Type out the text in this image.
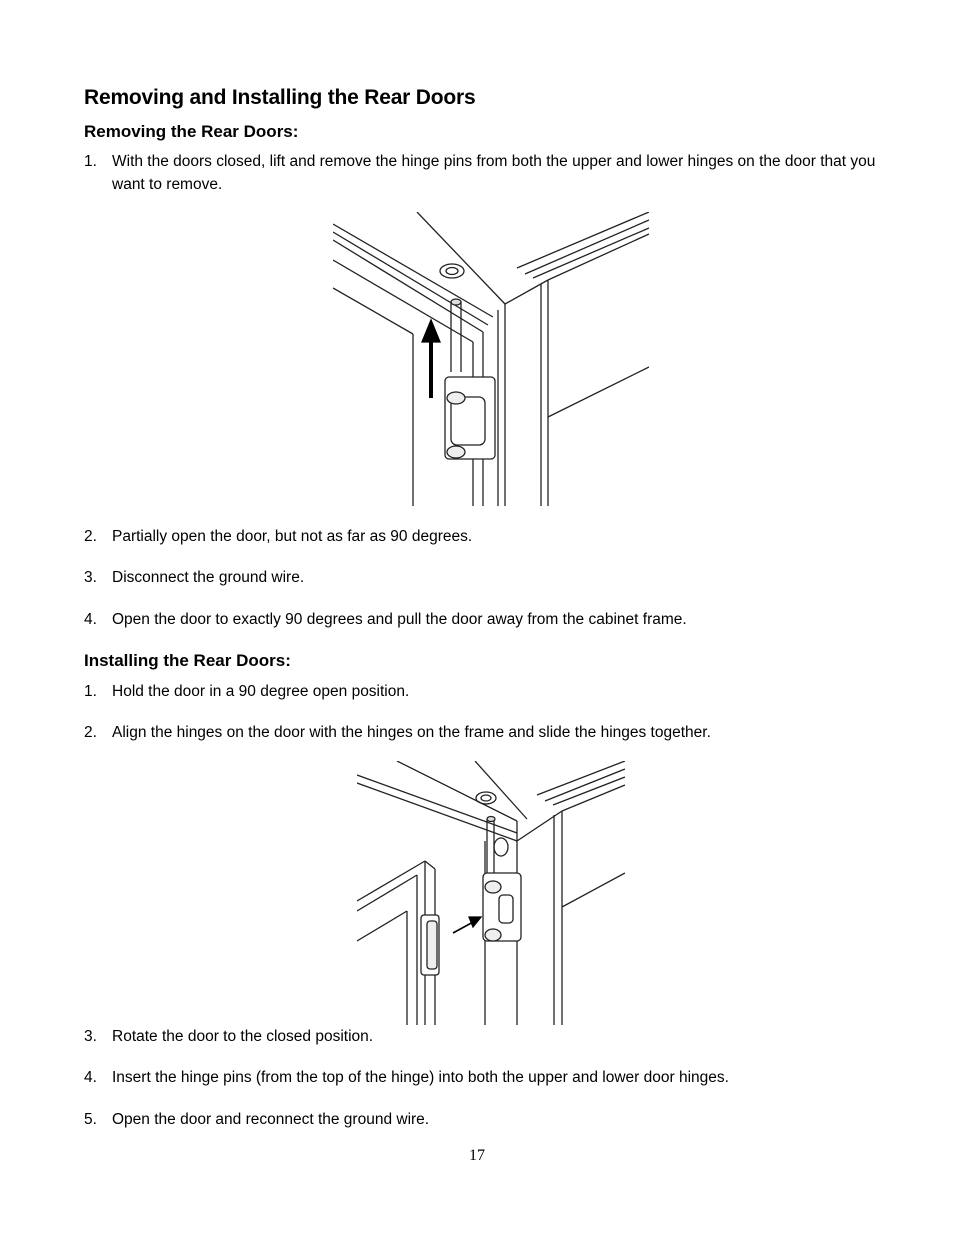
Removing and Installing the Rear Doors
Removing the Rear Doors:
1. With the doors closed, lift and remove the hinge pins from both the upper and lower hinges on the door that you want to remove.
2. Partially open the door, but not as far as 90 degrees.
3. Disconnect the ground wire.
4. Open the door to exactly 90 degrees and pull the door away from the cabinet frame.
Installing the Rear Doors:
1. Hold the door in a 90 degree open position.
2. Align the hinges on the door with the hinges on the frame and slide the hinges together.
3. Rotate the door to the closed position.
4. Insert the hinge pins (from the top of the hinge) into both the upper and lower door hinges.
5. Open the door and reconnect the ground wire.
17
